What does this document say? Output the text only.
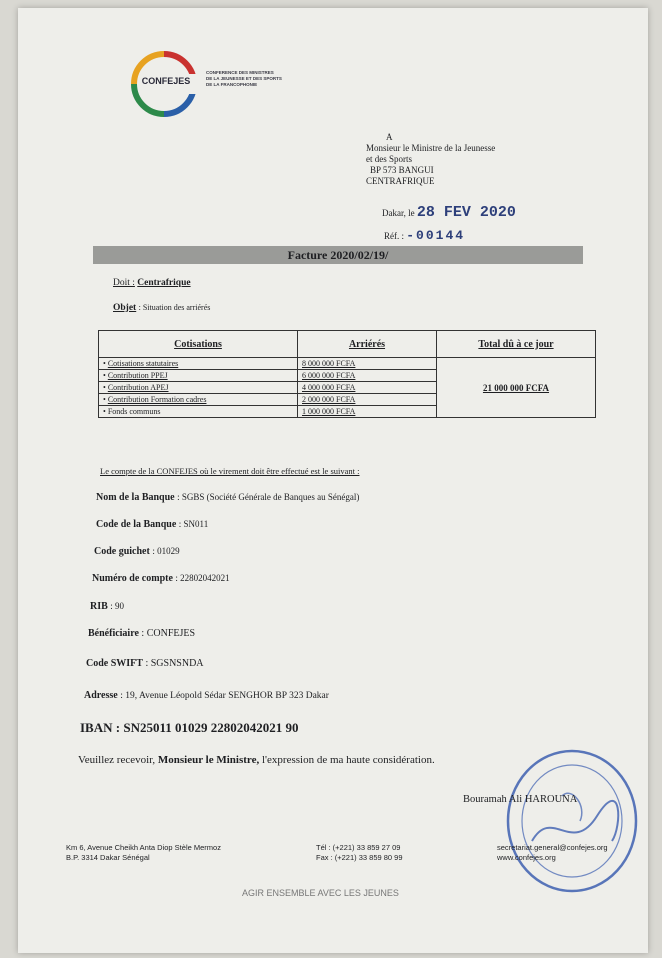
CONFEJES
CONFERENCE DES MINISTRES
DE LA JEUNESSE ET DES SPORTS
DE LA FRANCOPHONIE
A
Monsieur le Ministre de la Jeunesse
et des Sports
BP 573 BANGUI
CENTRAFRIQUE
Dakar, le 28 FEV 2020
Réf. : -00144
Facture 2020/02/19/
Doit : Centrafrique
Objet : Situation des arriérés
Cotisations	Arriérés	Total dû à ce jour
• Cotisations statutaires	8 000 000 FCFA	21 000 000 FCFA
• Contribution PPEJ	6 000 000 FCFA	
• Contribution APEJ	4 000 000 FCFA	
• Contribution Formation cadres	2 000 000 FCFA	
• Fonds communs	1 000 000 FCFA	
Le compte de la CONFEJES où le virement doit être effectué est le suivant :
Nom de la Banque : SGBS (Société Générale de Banques au Sénégal)
Code de la Banque : SN011
Code guichet : 01029
Numéro de compte : 22802042021
RIB : 90
Bénéficiaire : CONFEJES
Code SWIFT : SGSNSNDA
Adresse : 19, Avenue Léopold Sédar SENGHOR BP 323 Dakar
IBAN : SN25011 01029 22802042021 90
Veuillez recevoir, Monsieur le Ministre, l'expression de ma haute considération.
Bouramah Ali HAROUNA
Km 6, Avenue Cheikh Anta Diop Stèle Mermoz
B.P. 3314 Dakar Sénégal
Tél : (+221) 33 859 27 09
Fax : (+221) 33 859 80 99
secretariat.general@confejes.org
www.confejes.org
AGIR ENSEMBLE AVEC LES JEUNES
